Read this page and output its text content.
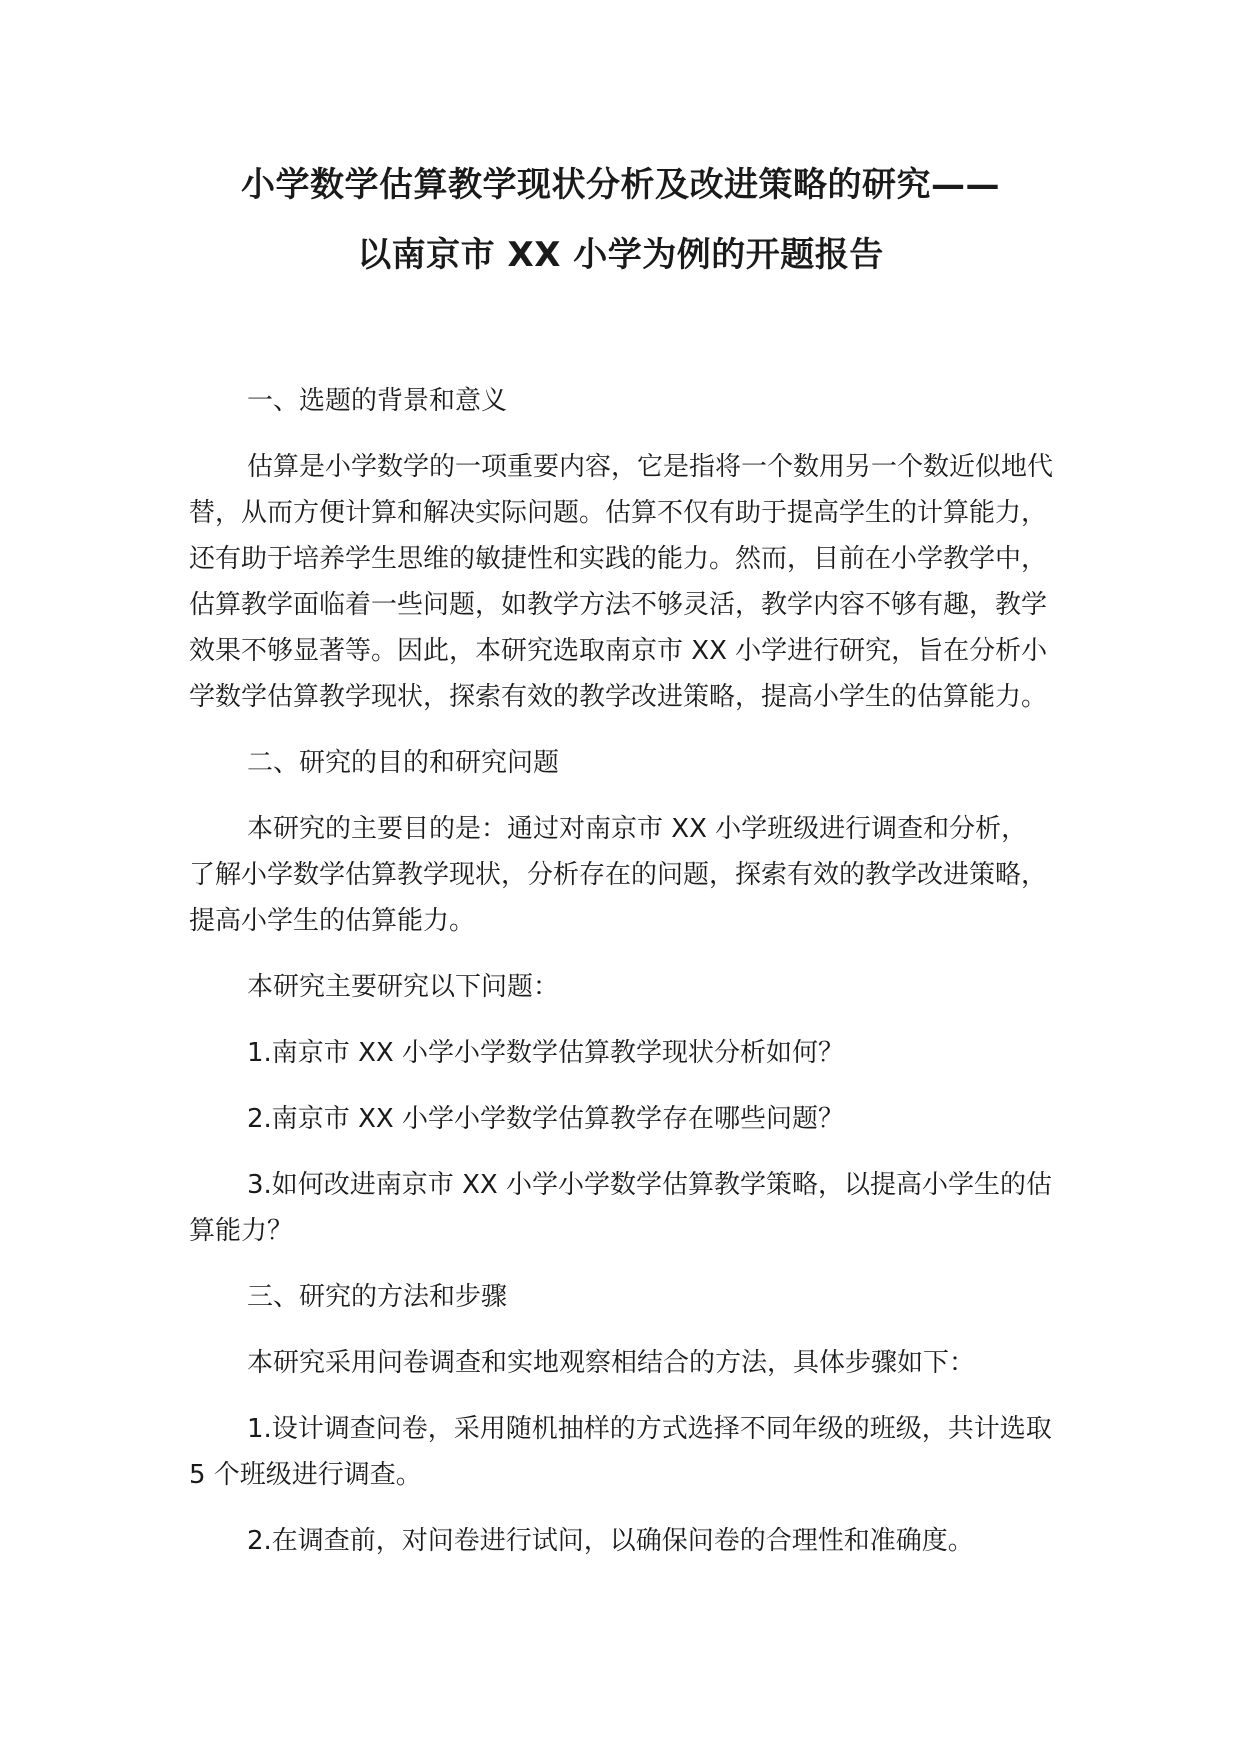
小学数学估算教学现状分析及改进策略的研究——
以南京市 XX 小学为例的开题报告

一、选题的背景和意义

估算是小学数学的一项重要内容，它是指将一个数用另一个数近似地代替，从而方便计算和解决实际问题。估算不仅有助于提高学生的计算能力，还有助于培养学生思维的敏捷性和实践的能力。然而，目前在小学教学中，估算教学面临着一些问题，如教学方法不够灵活，教学内容不够有趣，教学效果不够显著等。因此，本研究选取南京市 XX 小学进行研究，旨在分析小学数学估算教学现状，探索有效的教学改进策略，提高小学生的估算能力。

二、研究的目的和研究问题

本研究的主要目的是：通过对南京市 XX 小学班级进行调查和分析，了解小学数学估算教学现状，分析存在的问题，探索有效的教学改进策略，提高小学生的估算能力。

本研究主要研究以下问题：

1.南京市 XX 小学小学数学估算教学现状分析如何？

2.南京市 XX 小学小学数学估算教学存在哪些问题？

3.如何改进南京市 XX 小学小学数学估算教学策略，以提高小学生的估算能力？

三、研究的方法和步骤

本研究采用问卷调查和实地观察相结合的方法，具体步骤如下：

1.设计调查问卷，采用随机抽样的方式选择不同年级的班级，共计选取 5 个班级进行调查。

2.在调查前，对问卷进行试问，以确保问卷的合理性和准确度。
